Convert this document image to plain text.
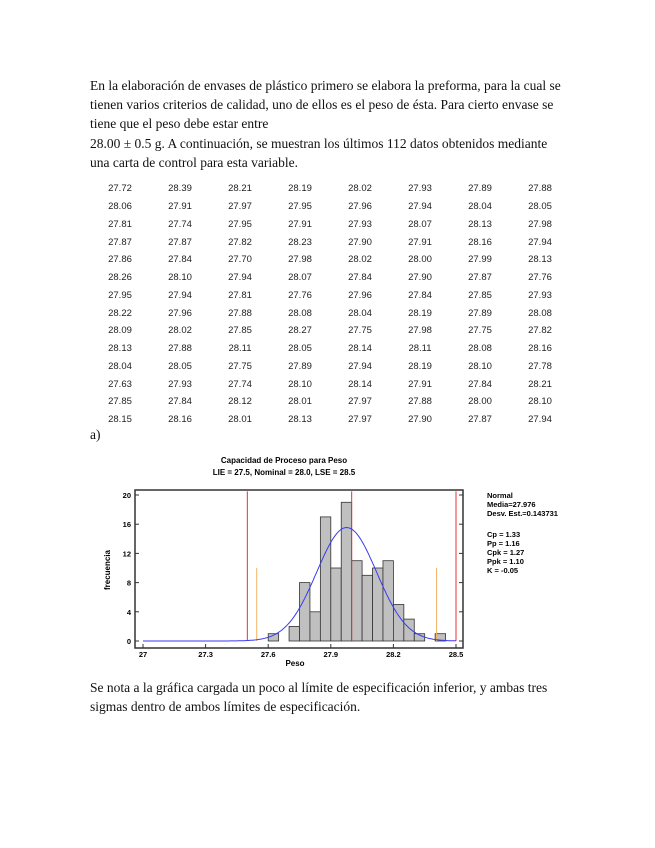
En la elaboración de envases de plástico primero se elabora la preforma, para la cual se tienen varios criterios de calidad, uno de ellos es el peso de ésta. Para cierto envase se tiene que el peso debe estar entre

28.00 ± 0.5 g. A continuación, se muestran los últimos 112 datos obtenidos mediante una carta de control para esta variable.

27.72	28.39	28.21	28.19	28.02	27.93	27.89	27.88
28.06	27.91	27.97	27.95	27.96	27.94	28.04	28.05
27.81	27.74	27.95	27.91	27.93	28.07	28.13	27.98
27.87	27.87	27.82	28.23	27.90	27.91	28.16	27.94
27.86	27.84	27.70	27.98	28.02	28.00	27.99	28.13
28.26	28.10	27.94	28.07	27.84	27.90	27.87	27.76
27.95	27.94	27.81	27.76	27.96	27.84	27.85	27.93
28.22	27.96	27.88	28.08	28.04	28.19	27.89	28.08
28.09	28.02	27.85	28.27	27.75	27.98	27.75	27.82
28.13	27.88	28.11	28.05	28.14	28.11	28.08	28.16
28.04	28.05	27.75	27.89	27.94	28.19	28.10	27.78
27.63	27.93	27.74	28.10	28.14	27.91	27.84	28.21
27.85	27.84	28.12	28.01	27.97	27.88	28.00	28.10
28.15	28.16	28.01	28.13	27.97	27.90	27.87	27.94

a)

Capacidad de Proceso para Peso
LIE = 27.5, Nominal = 28.0, LSE = 28.5
27	27.3	27.6	27.9	28.2	28.5
0
4
8
12
16
20	Normal
Media=27.976
Desv. Est.=0.143731
Cp = 1.33
Pp = 1.16
Cpk = 1.27
Ppk = 1.10
K = -0.05
Peso
frecuencia

Se nota a la gráfica cargada un poco al límite de especificación inferior, y ambas tres sigmas dentro de ambos límites de especificación.
